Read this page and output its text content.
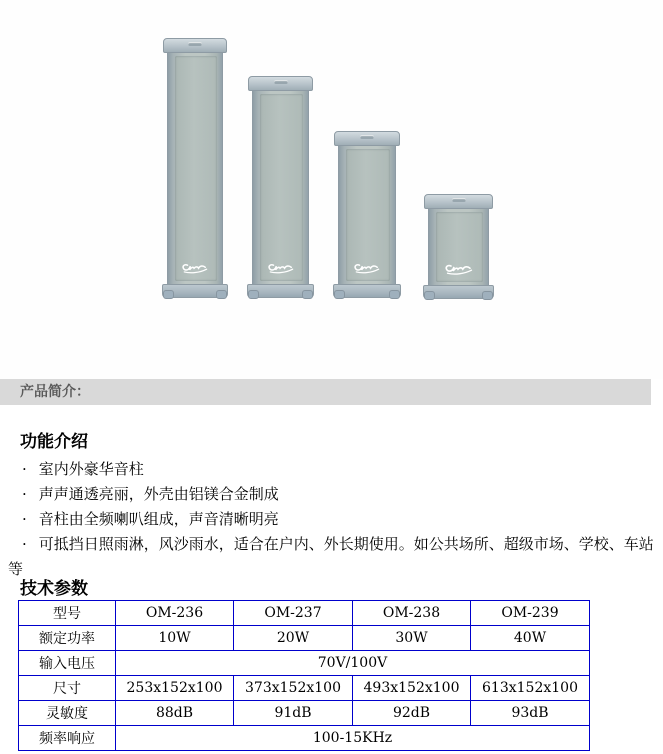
产品简介：
功能介绍

· 室内外豪华音柱

· 声声通透亮丽，外壳由铝镁合金制成

· 音柱由全频喇叭组成，声音清晰明亮

· 可抵挡日照雨淋，风沙雨水，适合在户内、外长期使用。如公共场所、超级市场、学校、车站等

技术参数
型号	OM-236	OM-237	OM-238	OM-239
额定功率	10W	20W	30W	40W
输入电压	70V/100V			
尺寸	253x152x100	373x152x100	493x152x100	613x152x100
灵敏度	88dB	91dB	92dB	93dB
频率响应	100-15KHz			
